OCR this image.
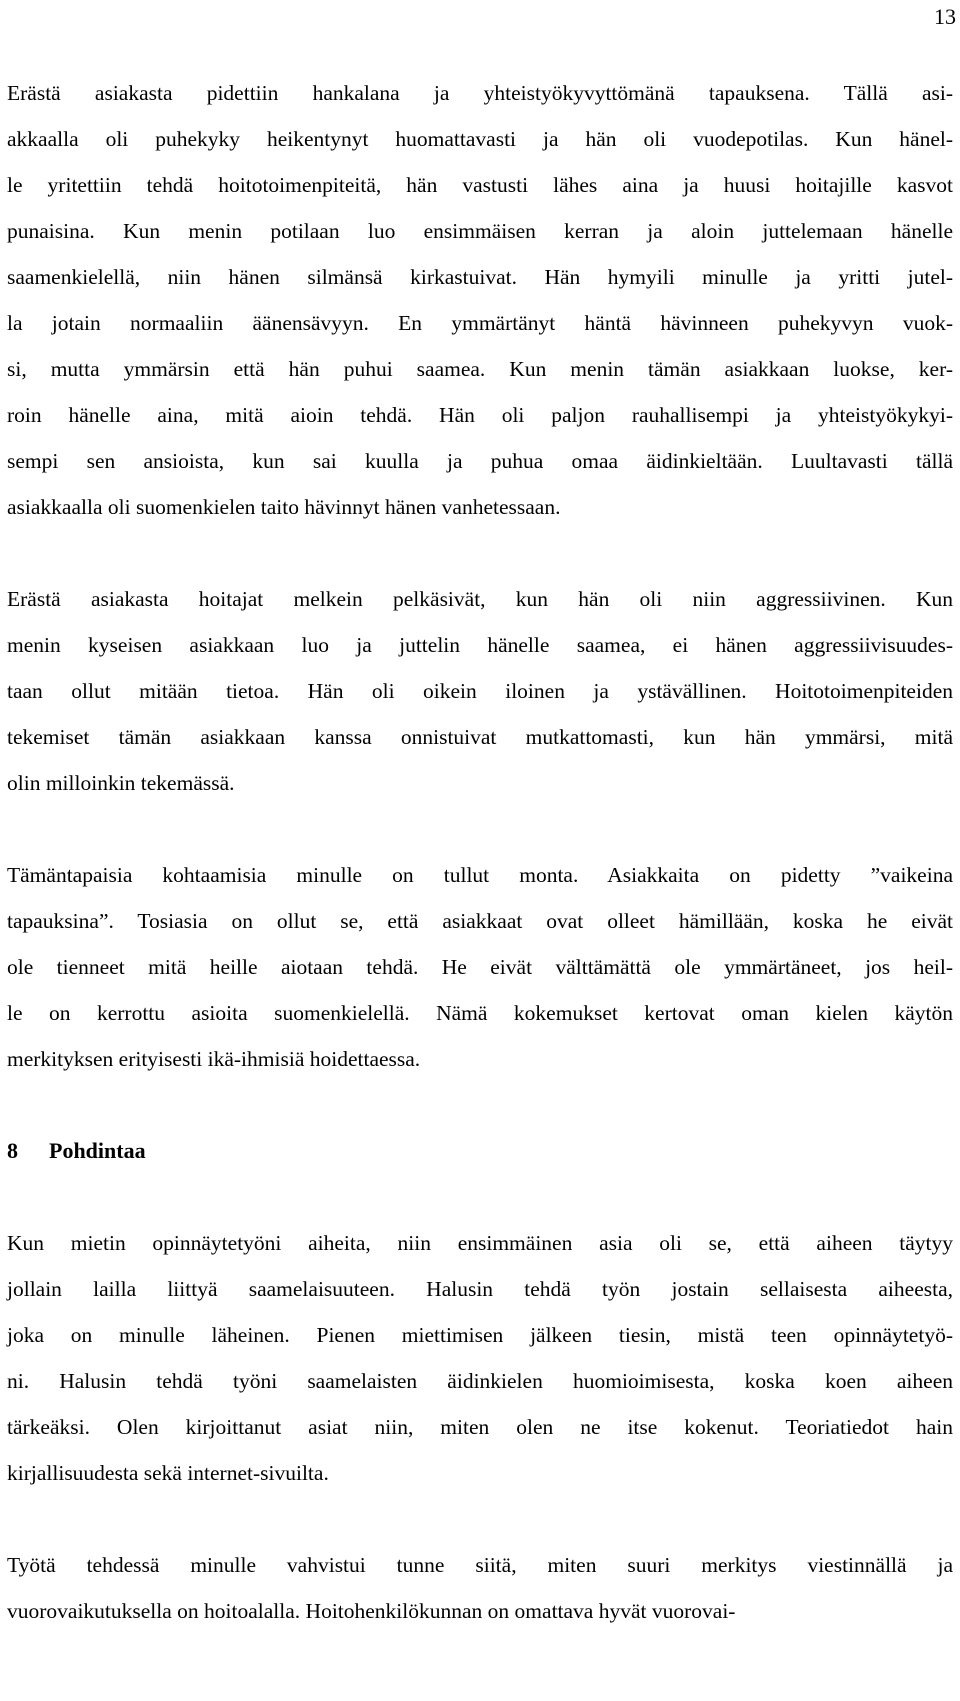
13
Erästä asiakasta pidettiin hankalana ja yhteistyökyvyttömänä tapauksena. Tällä asi-
akkaalla oli puhekyky heikentynyt huomattavasti ja hän oli vuodepotilas. Kun hänel-
le yritettiin tehdä hoitotoimenpiteitä, hän vastusti lähes aina ja huusi hoitajille kasvot
punaisina. Kun menin potilaan luo ensimmäisen kerran ja aloin juttelemaan hänelle
saamenkielellä, niin hänen silmänsä kirkastuivat. Hän hymyili minulle ja yritti jutel-
la jotain normaaliin äänensävyyn. En ymmärtänyt häntä hävinneen puhekyvyn vuok-
si, mutta ymmärsin että hän puhui saamea. Kun menin tämän asiakkaan luokse, ker-
roin hänelle aina, mitä aioin tehdä. Hän oli paljon rauhallisempi ja yhteistyökykyi-
sempi sen ansioista, kun sai kuulla ja puhua omaa äidinkieltään. Luultavasti tällä
asiakkaalla oli suomenkielen taito hävinnyt hänen vanhetessaan.
Erästä asiakasta hoitajat melkein pelkäsivät, kun hän oli niin aggressiivinen. Kun
menin kyseisen asiakkaan luo ja juttelin hänelle saamea, ei hänen aggressiivisuudes-
taan ollut mitään tietoa. Hän oli oikein iloinen ja ystävällinen. Hoitotoimenpiteiden
tekemiset tämän asiakkaan kanssa onnistuivat mutkattomasti, kun hän ymmärsi, mitä
olin milloinkin tekemässä.
Tämäntapaisia kohtaamisia minulle on tullut monta. Asiakkaita on pidetty ”vaikeina
tapauksina”. Tosiasia on ollut se, että asiakkaat ovat olleet hämillään, koska he eivät
ole tienneet mitä heille aiotaan tehdä. He eivät välttämättä ole ymmärtäneet, jos heil-
le on kerrottu asioita suomenkielellä. Nämä kokemukset kertovat oman kielen käytön
merkityksen erityisesti ikä-ihmisiä hoidettaessa.
8 Pohdintaa
Kun mietin opinnäytetyöni aiheita, niin ensimmäinen asia oli se, että aiheen täytyy
jollain lailla liittyä saamelaisuuteen. Halusin tehdä työn jostain sellaisesta aiheesta,
joka on minulle läheinen. Pienen miettimisen jälkeen tiesin, mistä teen opinnäytetyö-
ni. Halusin tehdä työni saamelaisten äidinkielen huomioimisesta, koska koen aiheen
tärkeäksi. Olen kirjoittanut asiat niin, miten olen ne itse kokenut. Teoriatiedot hain
kirjallisuudesta sekä internet-sivuilta.
Työtä tehdessä minulle vahvistui tunne siitä, miten suuri merkitys viestinnällä ja
vuorovaikutuksella on hoitoalalla. Hoitohenkilökunnan on omattava hyvät vuorovai-
